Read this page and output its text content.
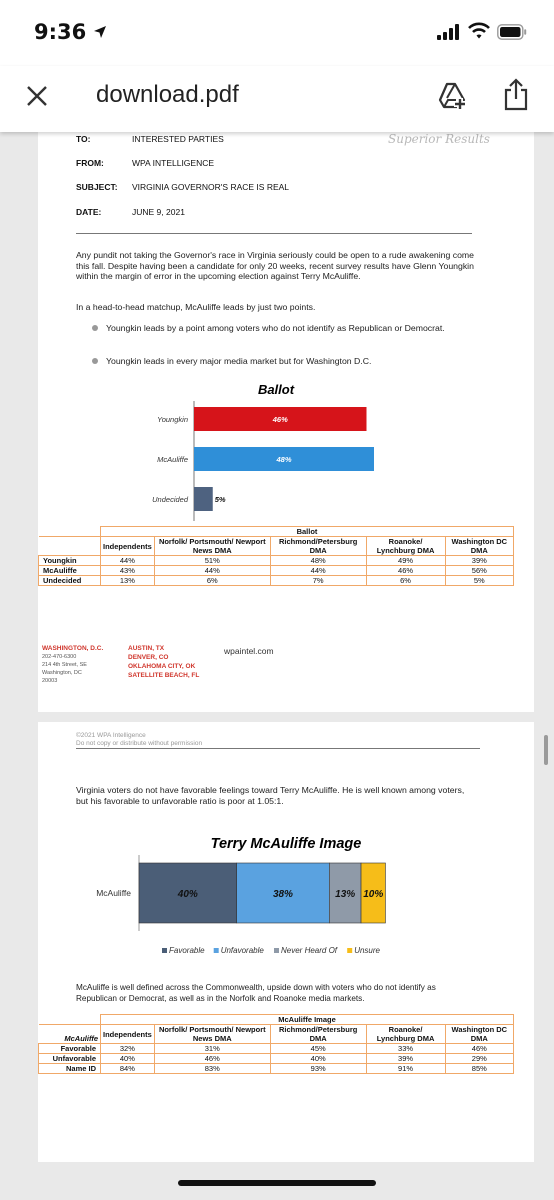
9:36
download.pdf
Superior Results
TO:	INTERESTED PARTIES
FROM:	WPA INTELLIGENCE
SUBJECT: VIRGINIA GOVERNOR'S RACE IS REAL
DATE:	JUNE 9, 2021

Any pundit not taking the Governor's race in Virginia seriously could be open to a rude awakening come this fall. Despite having been a candidate for only 20 weeks, recent survey results have Glenn Youngkin within the margin of error in the upcoming election against Terry McAuliffe.

In a head-to-head matchup, McAuliffe leads by just two points.

Youngkin leads by a point among voters who do not identify as Republican or Democrat.
Youngkin leads in every major media market but for Washington D.C.
Ballot
Youngkin	46%
McAuliffe	48%
Undecided	5%
	Ballot				
	Independents	Norfolk/ Portsmouth/ Newport News DMA	Richmond/Petersburg DMA	Roanoke/ Lynchburg DMA	Washington DC DMA
Youngkin	44%	51%	48%	49%	39%
McAuliffe	43%	44%	44%	46%	56%
Undecided	13%	6%	7%	6%	5%
WASHINGTON, D.C.
202-470-6300
214 4th Street, SE
Washington, DC
20003
AUSTIN, TX
DENVER, CO
OKLAHOMA CITY, OK
SATELLITE BEACH, FL
wpaintel.com
©2021 WPA Intelligence
Do not copy or distribute without permission

Virginia voters do not have favorable feelings toward Terry McAuliffe. He is well known among voters, but his favorable to unfavorable ratio is poor at 1.05:1.

Terry McAuliffe Image
McAuliffe	40%	38%	13% 10%
Favorable Unfavorable Never Heard Of Unsure

McAuliffe is well defined across the Commonwealth, upside down with voters who do not identify as Republican or Democrat, as well as in the Norfolk and Roanoke media markets.

	McAuliffe Image				
McAuliffe	Independents	Norfolk/ Portsmouth/ Newport News DMA	Richmond/Petersburg DMA	Roanoke/ Lynchburg DMA	Washington DC DMA
Favorable	32%	31%	45%	33%	46%
Unfavorable	40%	46%	40%	39%	29%
Name ID	84%	83%	93%	91%	85%
